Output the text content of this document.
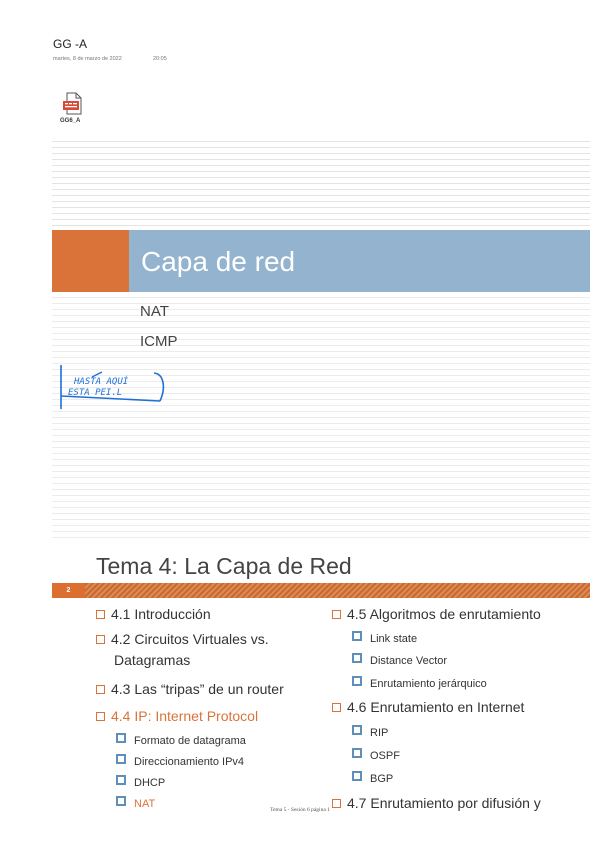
GG -A
martes, 8 de marzo de 2022	20:05
GG6_A
Capa de red
NAT
ICMP
HASTA AQUÍ
ESTA PEI.L
Tema 4: La Capa de Red
2
4.1 Introducción
4.2 Circuitos Virtuales vs.
Datagramas
4.3 Las “tripas” de un router
4.4 IP: Internet Protocol
Formato de datagrama
Direccionamiento IPv4
DHCP
NAT
4.5 Algoritmos de enrutamiento
Link state
Distance Vector
Enrutamiento jerárquico
4.6 Enrutamiento en Internet
RIP
OSPF
BGP
4.7 Enrutamiento por difusión y
Tema 5 - Sesión 6 página 1
